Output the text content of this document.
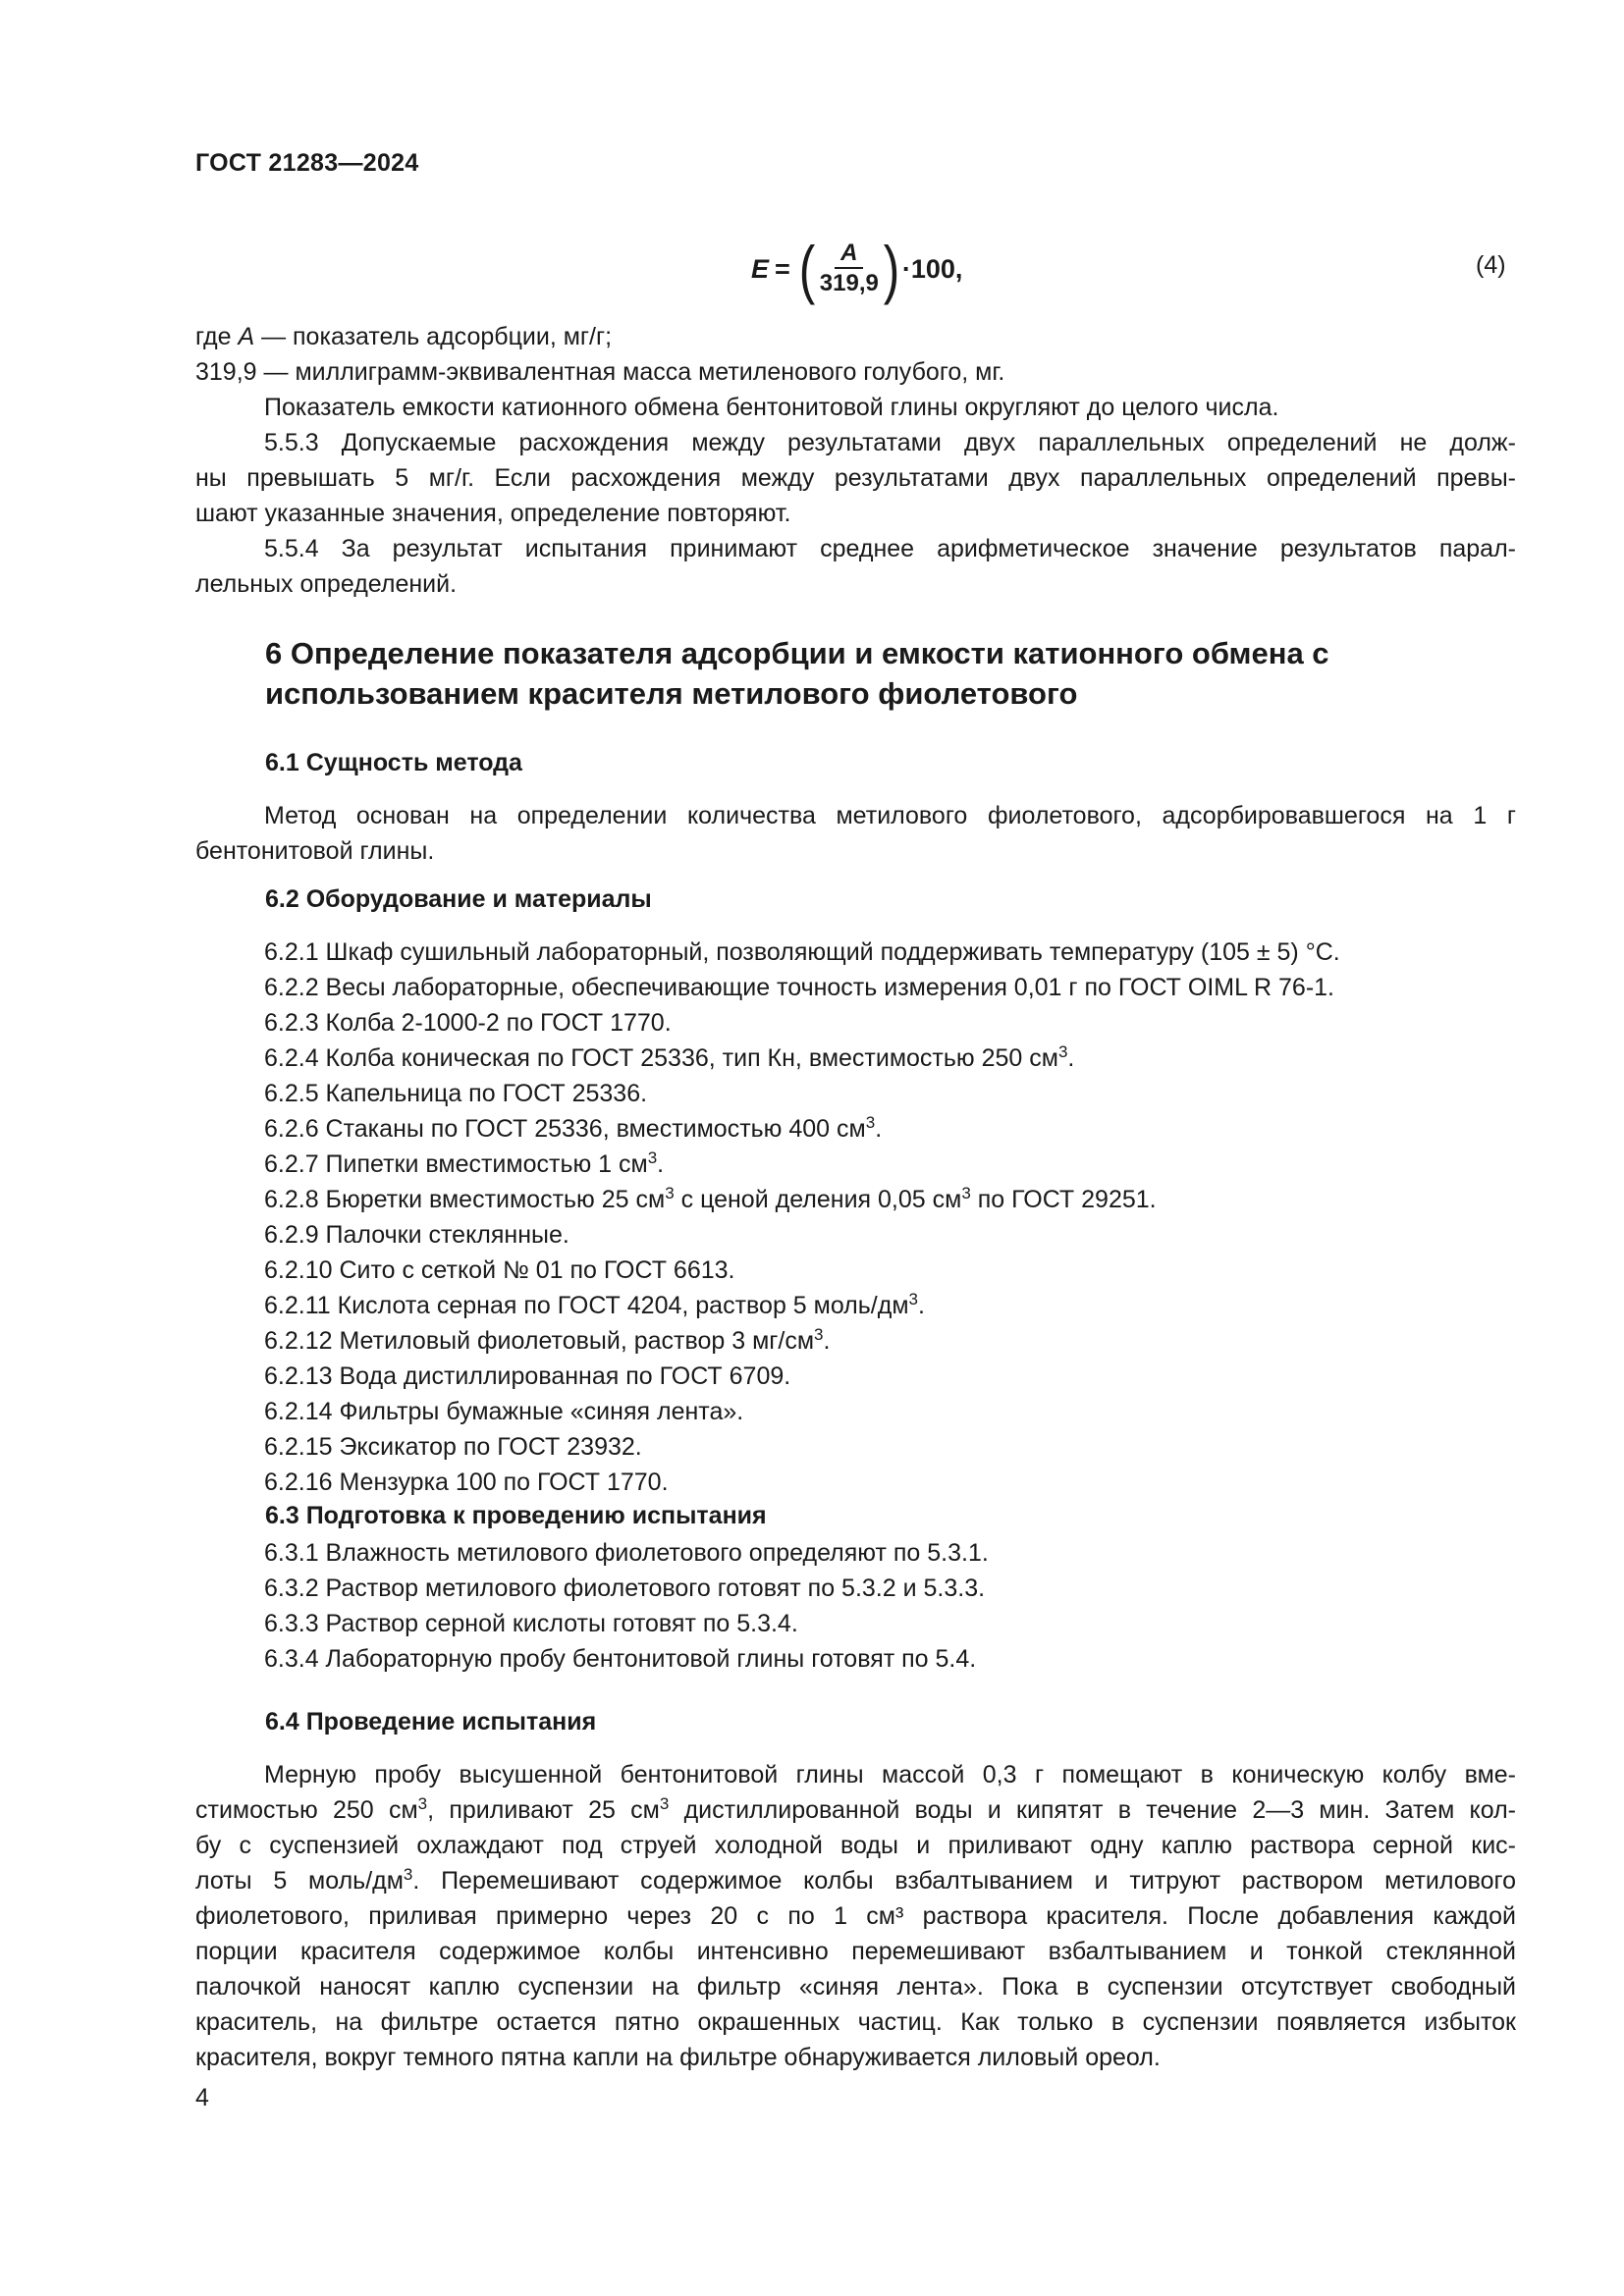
ГОСТ 21283—2024
E = ( $\frac{A}{319,9}$ ) ·100,	(4)
где A — показатель адсорбции, мг/г;
319,9 — миллиграмм-эквивалентная масса метиленового голубого, мг.
Показатель емкости катионного обмена бентонитовой глины округляют до целого числа.
5.5.3 Допускаемые расхождения между результатами двух параллельных определений не долж-
ны превышать 5 мг/г. Если расхождения между результатами двух параллельных определений превы-
шают указанные значения, определение повторяют.
5.5.4 За результат испытания принимают среднее арифметическое значение результатов парал-
лельных определений.
6 Определение показателя адсорбции и емкости катионного обмена с
использованием красителя метилового фиолетового
6.1 Сущность метода
Метод основан на определении количества метилового фиолетового, адсорбировавшегося на 1 г
бентонитовой глины.
6.2 Оборудование и материалы
6.2.1 Шкаф сушильный лабораторный, позволяющий поддерживать температуру (105 ± 5) °С.
6.2.2 Весы лабораторные, обеспечивающие точность измерения 0,01 г по ГОСТ OIML R 76-1.
6.2.3 Колба 2-1000-2 по ГОСТ 1770.
6.2.4 Колба коническая по ГОСТ 25336, тип Кн, вместимостью 250 $см^3$.
6.2.5 Капельница по ГОСТ 25336.
6.2.6 Стаканы по ГОСТ 25336, вместимостью 400 $см^3$.
6.2.7 Пипетки вместимостью 1 $см^3$.
6.2.8 Бюретки вместимостью 25 $см^3$ с ценой деления 0,05 $см^3$ по ГОСТ 29251.
6.2.9 Палочки стеклянные.
6.2.10 Сито с сеткой № 01 по ГОСТ 6613.
6.2.11 Кислота серная по ГОСТ 4204, раствор 5 моль/$дм^3$.
6.2.12 Метиловый фиолетовый, раствор 3 $мг/см^3$.
6.2.13 Вода дистиллированная по ГОСТ 6709.
6.2.14 Фильтры бумажные «синяя лента».
6.2.15 Эксикатор по ГОСТ 23932.
6.2.16 Мензурка 100 по ГОСТ 1770.
6.3 Подготовка к проведению испытания
6.3.1 Влажность метилового фиолетового определяют по 5.3.1.
6.3.2 Раствор метилового фиолетового готовят по 5.3.2 и 5.3.3.
6.3.3 Раствор серной кислоты готовят по 5.3.4.
6.3.4 Лабораторную пробу бентонитовой глины готовят по 5.4.
6.4 Проведение испытания
Мерную пробу высушенной бентонитовой глины массой 0,3 г помещают в коническую колбу вме-
стимостью 250 $см^3$, приливают 25 $см^3$ дистиллированной воды и кипятят в течение 2—3 мин. Затем кол-
бу с суспензией охлаждают под струей холодной воды и приливают одну каплю раствора серной кис-
лоты 5 моль/$дм^3$. Перемешивают содержимое колбы взбалтыванием и титруют раствором метилового
фиолетового, приливая примерно через 20 с по 1 см³ раствора красителя. После добавления каждой
порции красителя содержимое колбы интенсивно перемешивают взбалтыванием и тонкой стеклянной
палочкой наносят каплю суспензии на фильтр «синяя лента». Пока в суспензии отсутствует свободный
краситель, на фильтре остается пятно окрашенных частиц. Как только в суспензии появляется избыток
красителя, вокруг темного пятна капли на фильтре обнаруживается лиловый ореол.
4
